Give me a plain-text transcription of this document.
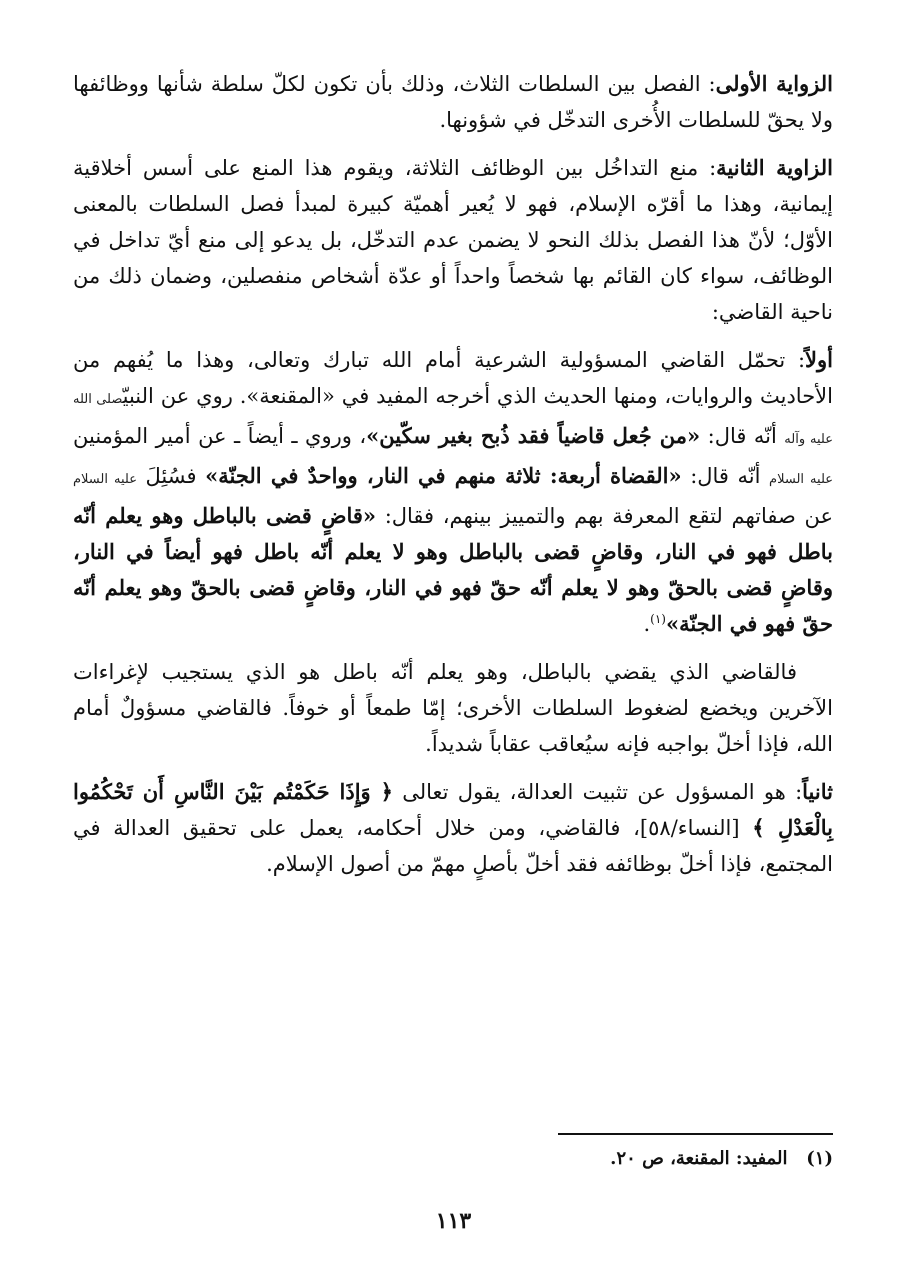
الزواية الأولى: الفصل بين السلطات الثلاث، وذلك بأن تكون لكلّ سلطة شأنها ووظائفها ولا يحقّ للسلطات الأُخرى التدخّل في شؤونها.

الزاوية الثانية: منع التداخُل بين الوظائف الثلاثة، ويقوم هذا المنع على أسس أخلاقية إيمانية، وهذا ما أقرّه الإسلام، فهو لا يُعير أهميّة كبيرة لمبدأ فصل السلطات بالمعنى الأوّل؛ لأنّ هذا الفصل بذلك النحو لا يضمن عدم التدخّل، بل يدعو إلى منع أيّ تداخل في الوظائف، سواء كان القائم بها شخصاً واحداً أو عدّة أشخاص منفصلين، وضمان ذلك من ناحية القاضي:

أولاً: تحمّل القاضي المسؤولية الشرعية أمام الله تبارك وتعالى، وهذا ما يُفهم من الأحاديث والروايات، ومنها الحديث الذي أخرجه المفيد في «المقنعة». روي عن النبيّصلى الله عليه وآله أنّه قال: «من جُعل قاضياً فقد ذُبح بغير سكّين»، وروي ـ أيضاً ـ عن أمير المؤمنين عليه السلام أنّه قال: «القضاة أربعة: ثلاثة منهم في النار، وواحدٌ في الجنّة» فسُئِلَ عليه السلام عن صفاتهم لتقع المعرفة بهم والتمييز بينهم، فقال: «قاضٍ قضى بالباطل وهو يعلم أنّه باطل فهو في النار، وقاضٍ قضى بالباطل وهو لا يعلم أنّه باطل فهو أيضاً في النار، وقاضٍ قضى بالحقّ وهو لا يعلم أنّه حقّ فهو في النار، وقاضٍ قضى بالحقّ وهو يعلم أنّه حقّ فهو في الجنّة»$^{(١)}$.

فالقاضي الذي يقضي بالباطل، وهو يعلم أنّه باطل هو الذي يستجيب لإغراءات الآخرين ويخضع لضغوط السلطات الأخرى؛ إمّا طمعاً أو خوفاً. فالقاضي مسؤولٌ أمام الله، فإذا أخلّ بواجبه فإنه سيُعاقب عقاباً شديداً.

ثانياً: هو المسؤول عن تثبيت العدالة، يقول تعالى ﴿ وَإِذَا حَكَمْتُم بَيْنَ النَّاسِ أَن تَحْكُمُوا بِالْعَدْلِ ﴾ [النساء/٥٨]، فالقاضي، ومن خلال أحكامه، يعمل على تحقيق العدالة في المجتمع، فإذا أخلّ بوظائفه فقد أخلّ بأصلٍ مهمّ من أصول الإسلام.

(١)   المفيد: المقنعة، ص ٢٠.
١١٣
